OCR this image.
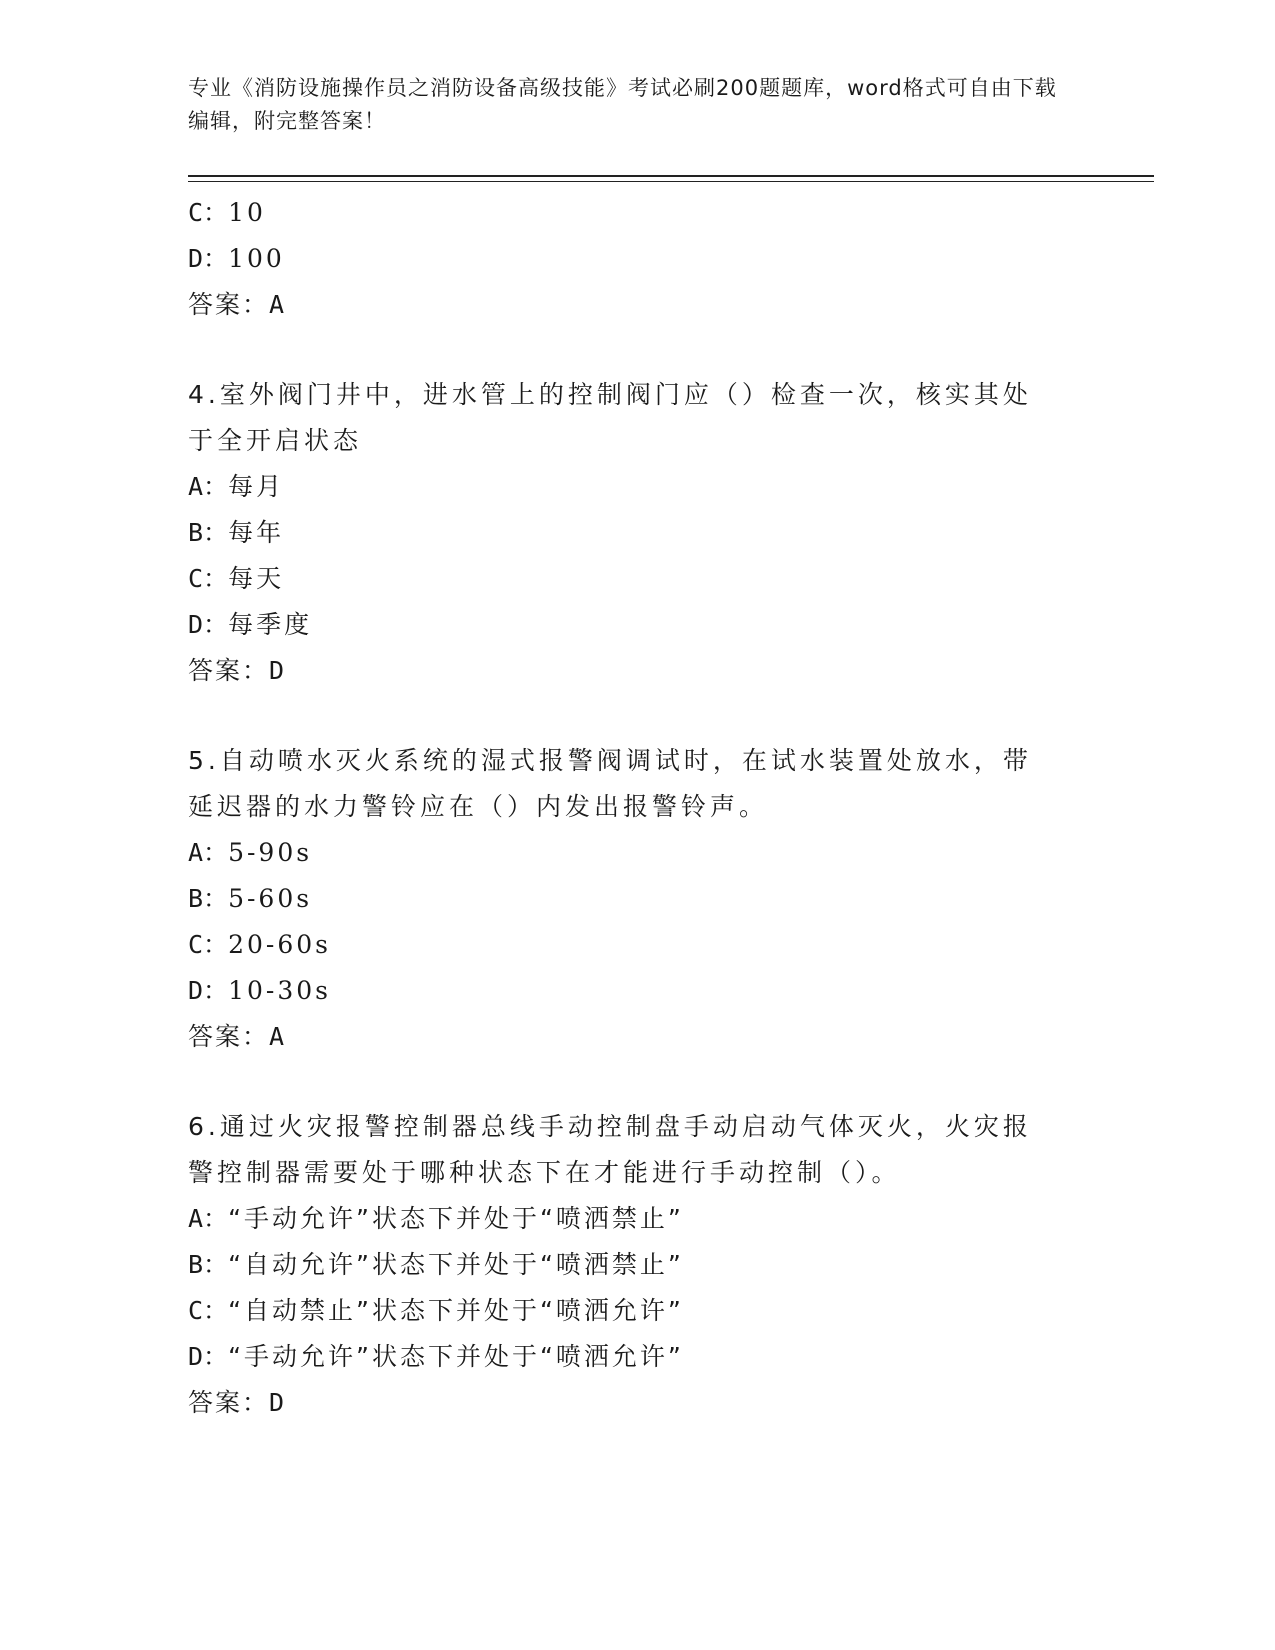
专业《消防设施操作员之消防设备高级技能》考试必刷200题题库，word格式可自由下载编辑，附完整答案！
C：10
D：100
答案：A
4.室外阀门井中，进水管上的控制阀门应（）检查一次，核实其处于全开启状态
A：每月
B：每年
C：每天
D：每季度
答案：D
5.自动喷水灭火系统的湿式报警阀调试时，在试水装置处放水，带延迟器的水力警铃应在（）内发出报警铃声。
A：5-90s
B：5-60s
C：20-60s
D：10-30s
答案：A
6.通过火灾报警控制器总线手动控制盘手动启动气体灭火，火灾报警控制器需要处于哪种状态下在才能进行手动控制（）。
A：“手动允许”状态下并处于“喷洒禁止”
B：“自动允许”状态下并处于“喷洒禁止”
C：“自动禁止”状态下并处于“喷洒允许”
D：“手动允许”状态下并处于“喷洒允许”
答案：D
